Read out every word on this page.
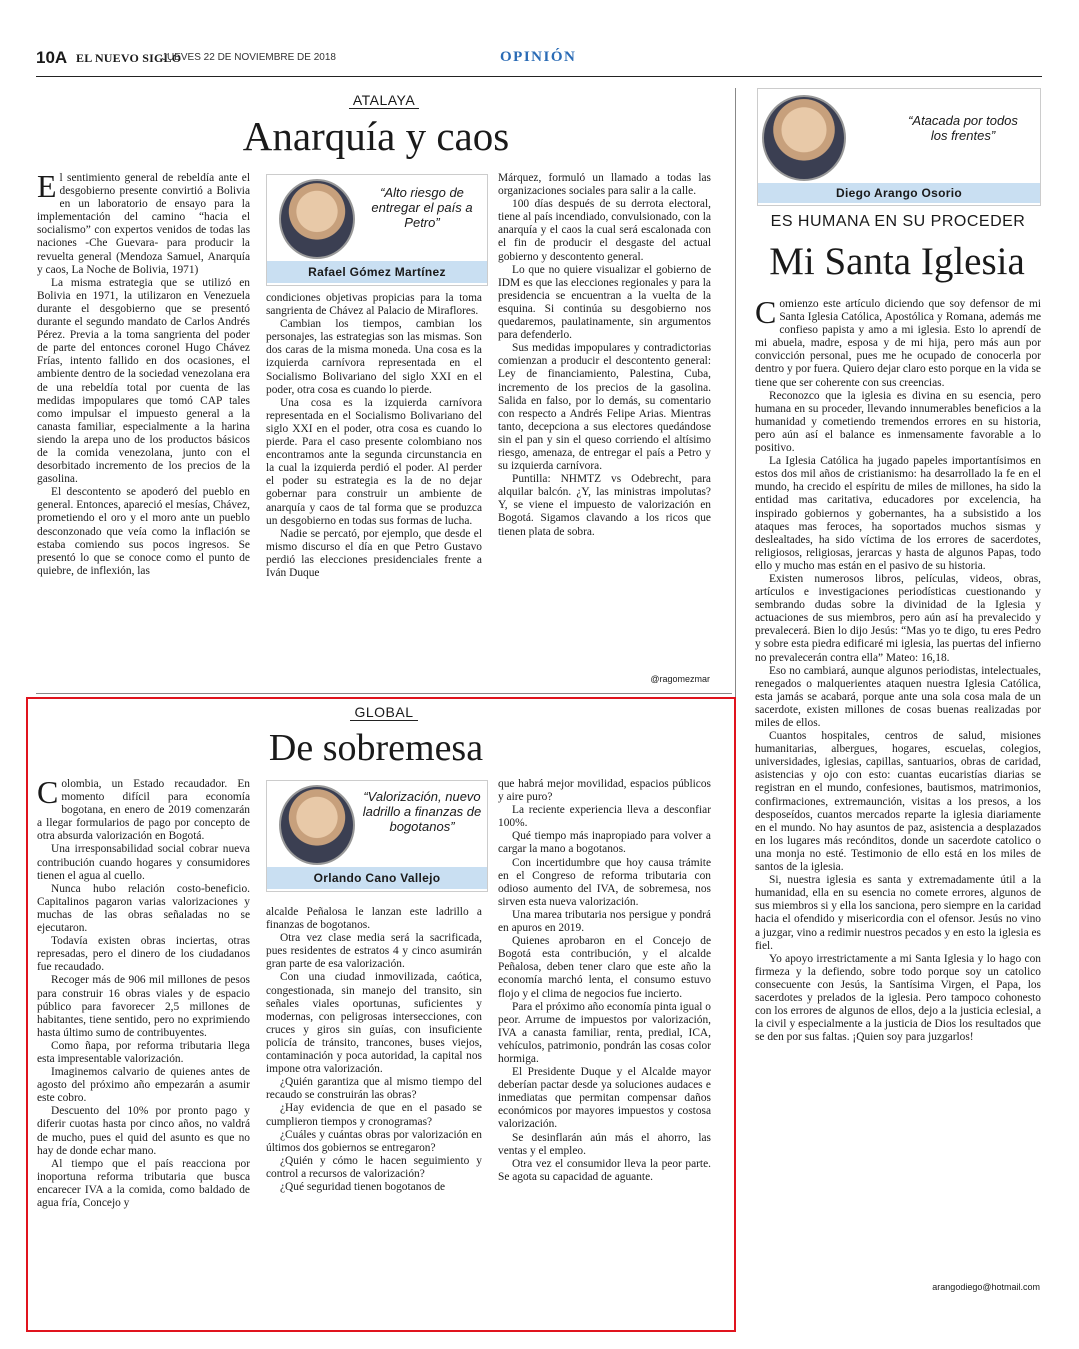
10A EL NUEVO SIGLO
JUEVES 22 DE NOVIEMBRE DE 2018	OPINIÓN
ATALAYA
Anarquía y caos

El sentimiento general de rebeldía ante el desgobierno presente convirtió a Bolivia en un laboratorio de ensayo para la implementación del camino “hacia el socialismo” con expertos venidos de todas las naciones -Che Guevara- para producir la revuelta general (Mendoza Samuel, Anarquía y caos, La Noche de Bolivia, 1971)

La misma estrategia que se utilizó en Bolivia en 1971, la utilizaron en Venezuela durante el desgobierno que se presentó durante el segundo mandato de Carlos Andrés Pérez. Previa a la toma sangrienta del poder de parte del entonces coronel Hugo Chávez Frías, intento fallido en dos ocasiones, el ambiente dentro de la sociedad venezolana era de una rebeldía total por cuenta de las medidas impopulares que tomó CAP tales como impulsar el impuesto general a la canasta familiar, especialmente a la harina siendo la arepa uno de los productos básicos de la comida venezolana, junto con el desorbitado incremento de los precios de la gasolina.

El descontento se apoderó del pueblo en general. Entonces, apareció el mesías, Chávez, prometiendo el oro y el moro ante un pueblo desconzonado que veía como la inflación se estaba comiendo sus pocos ingresos. Se presentó lo que se conoce como el punto de quiebre, de inflexión, las

“Alto riesgo de entregar el país a Petro”
Rafael Gómez Martínez

condiciones objetivas propicias para la toma sangrienta de Chávez al Palacio de Miraflores.

Cambian los tiempos, cambian los personajes, las estrategias son las mismas. Son dos caras de la misma moneda. Una cosa es la izquierda carnívora representada en el Socialismo Bolivariano del siglo XXI en el poder, otra cosa es cuando lo pierde.

Una cosa es la izquierda carnívora representada en el Socialismo Bolivariano del siglo XXI en el poder, otra cosa es cuando lo pierde. Para el caso presente colombiano nos encontramos ante la segunda circunstancia en la cual la izquierda perdió el poder. Al perder el poder su estrategia es la de no dejar gobernar para construir un ambiente de anarquía y caos de tal forma que se produzca un desgobierno en todas sus formas de lucha.

Nadie se percató, por ejemplo, que desde el mismo discurso el día en que Petro Gustavo perdió las elecciones presidenciales frente a Iván Duque

Márquez, formuló un llamado a todas las organizaciones sociales para salir a la calle.

100 días después de su derrota electoral, tiene al país incendiado, convulsionado, con la anarquía y el caos la cual será escalonada con el fin de producir el desgaste del actual gobierno y descontento general.

Lo que no quiere visualizar el gobierno de IDM es que las elecciones regionales y para la presidencia se encuentran a la vuelta de la esquina. Si continúa su desgobierno nos quedaremos, paulatinamente, sin argumentos para defenderlo.

Sus medidas impopulares y contradictorias comienzan a producir el descontento general: Ley de financiamiento, Palestina, Cuba, incremento de los precios de la gasolina. Salida en falso, por lo demás, su comentario con respecto a Andrés Felipe Arias. Mientras tanto, decepciona a sus electores quedándose sin el pan y sin el queso corriendo el altísimo riesgo, amenaza, de entregar el país a Petro y su izquierda carnívora.

Puntilla: NHMTZ vs Odebrecht, para alquilar balcón. ¿Y, las ministras impolutas? Y, se viene el impuesto de valorización en Bogotá. Sigamos clavando a los ricos que tienen plata de sobra.

@ragomezmar
GLOBAL
De sobremesa

Colombia, un Estado recaudador. En momento difícil para economía bogotana, en enero de 2019 comenzarán a llegar formularios de pago por concepto de otra absurda valorización en Bogotá.

Una irresponsabilidad social cobrar nueva contribución cuando hogares y consumidores tienen el agua al cuello.

Nunca hubo relación costo-beneficio. Capitalinos pagaron varias valorizaciones y muchas de las obras señaladas no se ejecutaron.

Todavía existen obras inciertas, otras represadas, pero el dinero de los ciudadanos fue recaudado.

Recoger más de 906 mil millones de pesos para construir 16 obras viales y de espacio público para favorecer 2,5 millones de habitantes, tiene sentido, pero no exprimiendo hasta último sumo de contribuyentes.

Como ñapa, por reforma tributaria llega esta impresentable valorización.

Imaginemos calvario de quienes antes de agosto del próximo año empezarán a asumir este cobro.

Descuento del 10% por pronto pago y diferir cuotas hasta por cinco años, no valdrá de mucho, pues el quid del asunto es que no hay de donde echar mano.

Al tiempo que el país reacciona por inoportuna reforma tributaria que busca encarecer IVA a la comida, como baldado de agua fría, Concejo y

“Valorización, nuevo ladrillo a finanzas de bogotanos”
Orlando Cano Vallejo

alcalde Peñalosa le lanzan este ladrillo a finanzas de bogotanos.

Otra vez clase media será la sacrificada, pues residentes de estratos 4 y cinco asumirán gran parte de esa valorización.

Con una ciudad inmovilizada, caótica, congestionada, sin manejo del transito, sin señales viales oportunas, suficientes y modernas, con peligrosas intersecciones, con cruces y giros sin guías, con insuficiente policía de tránsito, trancones, buses viejos, contaminación y poca autoridad, la capital nos impone otra valorización.

¿Quién garantiza que al mismo tiempo del recaudo se construirán las obras?

¿Hay evidencia de que en el pasado se cumplieron tiempos y cronogramas?

¿Cuáles y cuántas obras por valorización en últimos dos gobiernos se entregaron?

¿Quién y cómo le hacen seguimiento y control a recursos de valorización?

¿Qué seguridad tienen bogotanos de

que habrá mejor movilidad, espacios públicos y aire puro?

La reciente experiencia lleva a desconfiar 100%.

Qué tiempo más inapropiado para volver a cargar la mano a bogotanos.

Con incertidumbre que hoy causa trámite en el Congreso de reforma tributaria con odioso aumento del IVA, de sobremesa, nos sirven esta nueva valorización.

Una marea tributaria nos persigue y pondrá en apuros en 2019.

Quienes aprobaron en el Concejo de Bogotá esta contribución, y el alcalde Peñalosa, deben tener claro que este año la economía marchó lenta, el consumo estuvo flojo y el clima de negocios fue incierto.

Para el próximo año economía pinta igual o peor. Arrume de impuestos por valorización, IVA a canasta familiar, renta, predial, ICA, vehículos, patrimonio, pondrán las cosas color hormiga.

El Presidente Duque y el Alcalde mayor deberían pactar desde ya soluciones audaces e inmediatas que permitan compensar daños económicos por mayores impuestos y costosa valorización.

Se desinflarán aún más el ahorro, las ventas y el empleo.

Otra vez el consumidor lleva la peor parte. Se agota su capacidad de aguante.

“Atacada por todos los frentes”
Diego Arango Osorio
ES HUMANA EN SU PROCEDER
Mi Santa Iglesia

Comienzo este artículo diciendo que soy defensor de mi Santa Iglesia Católica, Apostólica y Romana, además me confieso papista y amo a mi iglesia. Esto lo aprendí de mi abuela, madre, esposa y de mi hija, pero más aun por convicción personal, pues me he ocupado de conocerla por dentro y por fuera. Quiero dejar claro esto porque en la vida se tiene que ser coherente con sus creencias.

Reconozco que la iglesia es divina en su esencia, pero humana en su proceder, llevando innumerables beneficios a la humanidad y cometiendo tremendos errores en su historia, pero aún así el balance es inmensamente favorable a lo positivo.

La Iglesia Católica ha jugado papeles importantísimos en estos dos mil años de cristianismo: ha desarrollado la fe en el mundo, ha crecido el espíritu de miles de millones, ha sido la entidad mas caritativa, educadores por excelencia, ha inspirado gobiernos y gobernantes, ha a subsistido a los ataques mas feroces, ha soportados muchos sismas y deslealtades, ha sido víctima de los errores de sacerdotes, religiosos, religiosas, jerarcas y hasta de algunos Papas, todo ello y mucho mas están en el pasivo de su historia.

Existen numerosos libros, películas, videos, obras, artículos e investigaciones periodísticas cuestionando y sembrando dudas sobre la divinidad de la Iglesia y actuaciones de sus miembros, pero aún así ha prevalecido y prevalecerá. Bien lo dijo Jesús: “Mas yo te digo, tu eres Pedro y sobre esta piedra edificaré mi iglesia, las puertas del infierno no prevalecerán contra ella” Mateo: 16,18.

Eso no cambiará, aunque algunos periodistas, intelectuales, renegados o malquerientes ataquen nuestra Iglesia Católica, esta jamás se acabará, porque ante una sola cosa mala de un sacerdote, existen millones de cosas buenas realizadas por miles de ellos.

Cuantos hospitales, centros de salud, misiones humanitarias, albergues, hogares, escuelas, colegios, universidades, iglesias, capillas, santuarios, obras de caridad, asistencias y ojo con esto: cuantas eucaristías diarias se registran en el mundo, confesiones, bautismos, matrimonios, confirmaciones, extremaunción, visitas a los presos, a los desposeídos, cuantos mercados reparte la iglesia diariamente en el mundo. No hay asuntos de paz, asistencia a desplazados en los lugares más recónditos, donde un sacerdote catolico o una monja no esté. Testimonio de ello está en los miles de santos de la iglesia.

Si, nuestra iglesia es santa y extremadamente útil a la humanidad, ella en su esencia no comete errores, algunos de sus miembros si y ella los sanciona, pero siempre en la caridad hacia el ofendido y misericordia con el ofensor. Jesús no vino a juzgar, vino a redimir nuestros pecados y en esto la iglesia es fiel.

Yo apoyo irrestrictamente a mi Santa Iglesia y lo hago con firmeza y la defiendo, sobre todo porque soy un catolico consecuente con Jesús, la Santísima Virgen, el Papa, los sacerdotes y prelados de la iglesia. Pero tampoco cohonesto con los errores de algunos de ellos, dejo a la justicia eclesial, a la civil y especialmente a la justicia de Dios los resultados que se den por sus faltas. ¡Quien soy para juzgarlos!

arangodiego@hotmail.com
